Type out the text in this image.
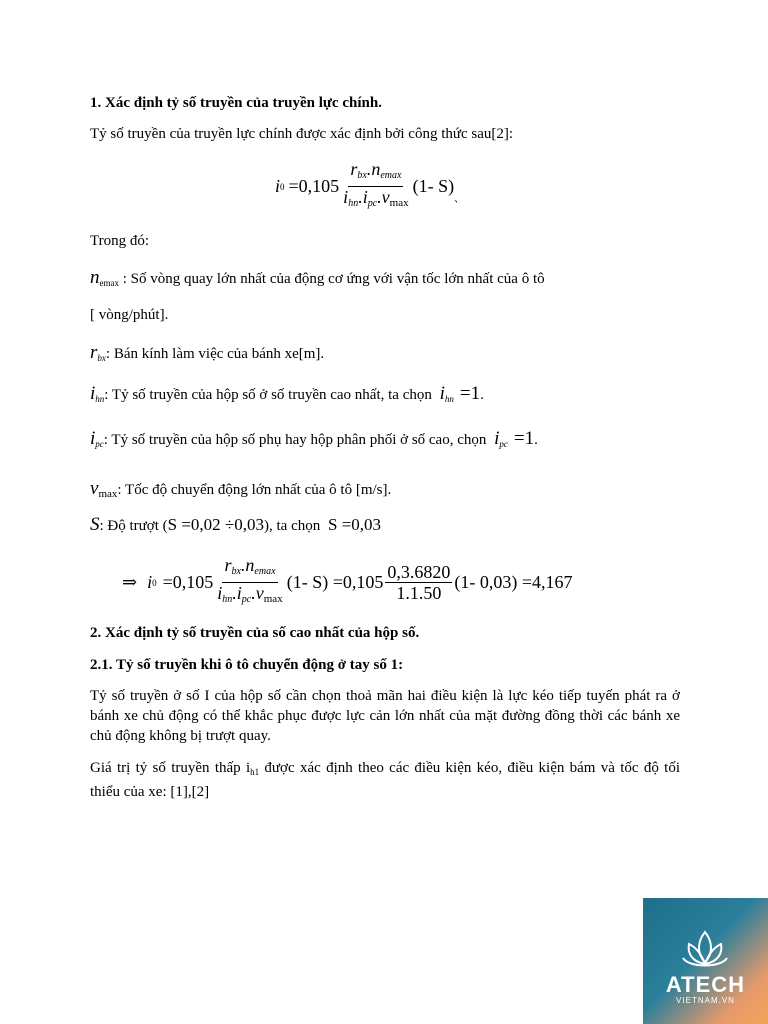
1. Xác định tỷ số truyền của truyền lực chính.
Tỷ số truyền của truyền lực chính được xác định bởi công thức sau[2]:
i $0 =0,105 \frac{\text{rbx.nemax}}{ihn.ipc.v_{max}} (1-$ S)
、
Trong đó:
$n_{emax}$ : Số vòng quay lớn nhất của động cơ ứng với vận tốc lớn nhất của ô tô
[ vòng/phút].
$r_{bx}$: Bán kính làm việc của bánh xe[m].
$i_{hn}$: Tỷ số truyền của hộp số ở số truyền cao nhất, ta chọn $i_{hn} =1$.
$i_{pc}$: Tỷ số truyền của hộp số phụ hay hộp phân phối ở số cao, chọn $i_{pc} =1$.
$v_{max}$: Tốc độ chuyển động lớn nhất của ô tô [m/s].
S: Độ trượt (S =0,02 ÷0,03), ta chọn S =0,03
⇒ i $0 =0,105 \frac{\text{rbx.nemax}}{ihn.ipc.v_{max}} (1-$ $S) =0,105 \frac{0,3.6820}{1.1.50} (1-$ 0,03) =4,167
2. Xác định tỷ số truyền của số cao nhất của hộp số.
2.1. Tỷ số truyền khi ô tô chuyển động ở tay số 1:
Tỷ số truyền ở số I của hộp số cần chọn thoả mãn hai điều kiện là lực kéo tiếp tuyến phát ra ở bánh xe chủ động có thể khắc phục được lực cản lớn nhất của mặt đường đồng thời các bánh xe chủ động không bị trượt quay.
Giá trị tỷ số truyền thấp $i_{h1}$ được xác định theo các điều kiện kéo, điều kiện bám và tốc độ tối thiểu của xe: [1],[2]
ATECH
VIETNAM.VN
